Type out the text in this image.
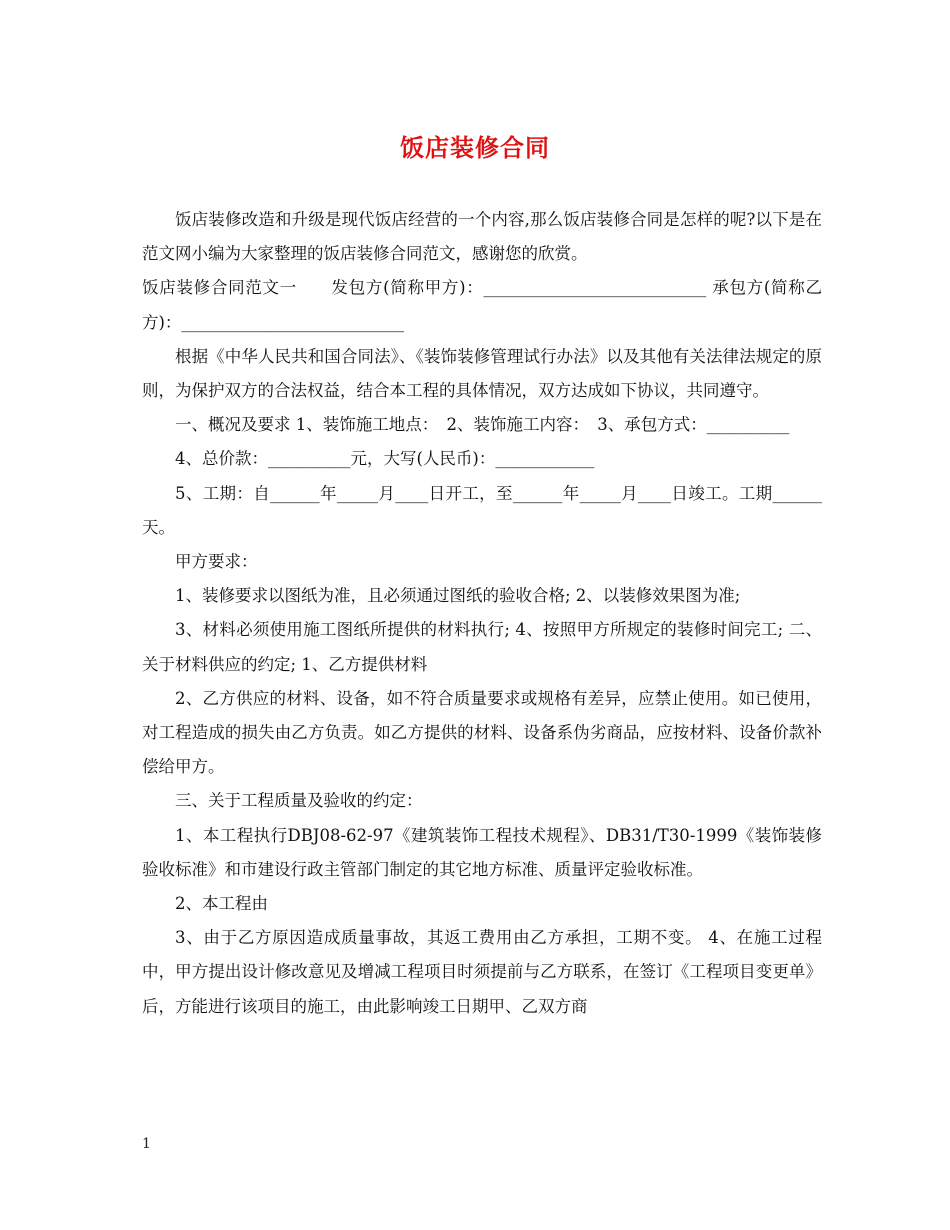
饭店装修合同

饭店装修改造和升级是现代饭店经营的一个内容,那么饭店装修合同是怎样的呢?以下是在范文网小编为大家整理的饭店装修合同范文，感谢您的欣赏。

饭店装修合同范文一　　发包方(简称甲方)：___________________________ 承包方(简称乙方)：___________________________

根据《中华人民共和国合同法》、《装饰装修管理试行办法》以及其他有关法律法规定的原则，为保护双方的合法权益，结合本工程的具体情况，双方达成如下协议，共同遵守。

一、概况及要求 1、装饰施工地点：　2、装饰施工内容：　3、承包方式：__________

4、总价款：__________元，大写(人民币)：____________

5、工期：自______年_____月____日开工，至______年_____月____日竣工。工期______天。

甲方要求：

1、装修要求以图纸为准，且必须通过图纸的验收合格; 2、以装修效果图为准;

3、材料必须使用施工图纸所提供的材料执行; 4、按照甲方所规定的装修时间完工; 二、关于材料供应的约定; 1、乙方提供材料

2、乙方供应的材料、设备，如不符合质量要求或规格有差异，应禁止使用。如已使用，对工程造成的损失由乙方负责。如乙方提供的材料、设备系伪劣商品，应按材料、设备价款补偿给甲方。

三、关于工程质量及验收的约定：

1、本工程执行DBJ08-62-97《建筑装饰工程技术规程》、DB31/T30-1999《装饰装修验收标准》和市建设行政主管部门制定的其它地方标准、质量评定验收标准。

2、本工程由

3、由于乙方原因造成质量事故，其返工费用由乙方承担，工期不变。 4、在施工过程中，甲方提出设计修改意见及增减工程项目时须提前与乙方联系，在签订《工程项目变更单》后，方能进行该项目的施工，由此影响竣工日期甲、乙双方商

1
